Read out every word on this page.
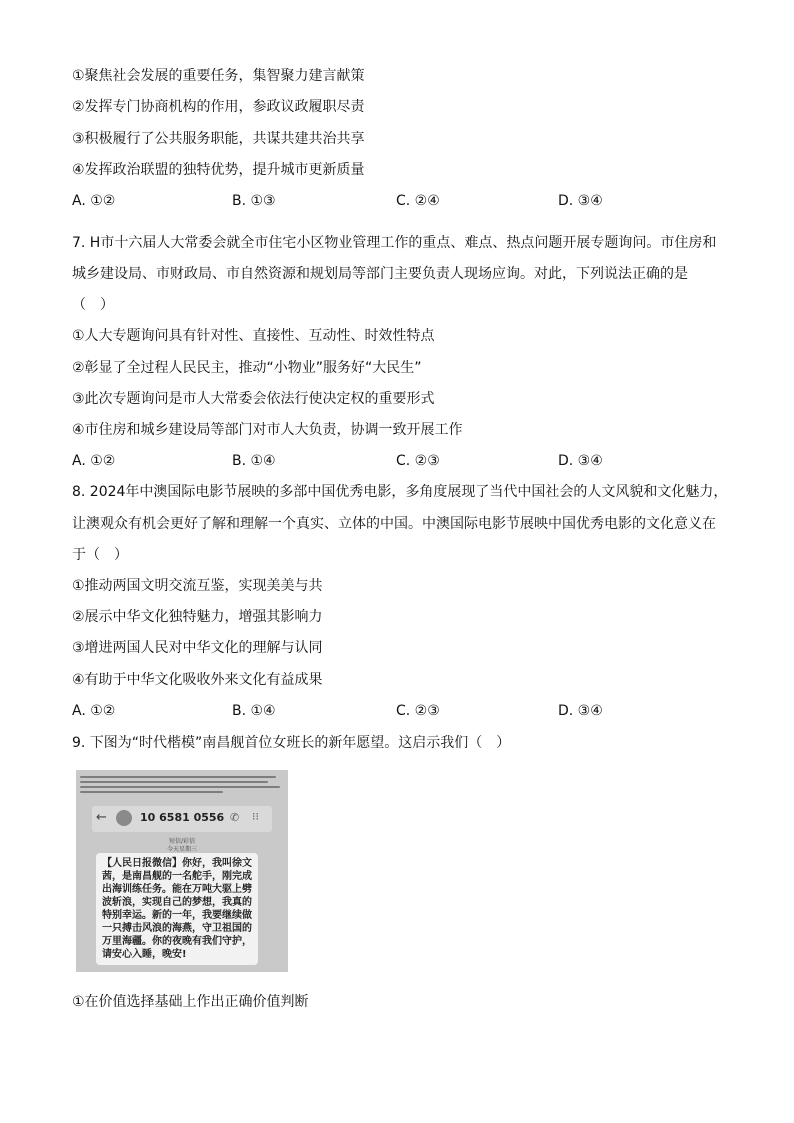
①聚焦社会发展的重要任务，集智聚力建言献策
②发挥专门协商机构的作用，参政议政履职尽责
③积极履行了公共服务职能，共谋共建共治共享
④发挥政治联盟的独特优势，提升城市更新质量
A. ①②	B. ①③	C. ②④	D. ③④
7. H市十六届人大常委会就全市住宅小区物业管理工作的重点、难点、热点问题开展专题询问。市住房和
城乡建设局、市财政局、市自然资源和规划局等部门主要负责人现场应询。对此，下列说法正确的是
（　）
①人大专题询问具有针对性、直接性、互动性、时效性特点
②彰显了全过程人民民主，推动“小物业”服务好“大民生”
③此次专题询问是市人大常委会依法行使决定权的重要形式
④市住房和城乡建设局等部门对市人大负责，协调一致开展工作
A. ①②	B. ①④	C. ②③	D. ③④
8. 2024年中澳国际电影节展映的多部中国优秀电影，多角度展现了当代中国社会的人文风貌和文化魅力，
让澳观众有机会更好了解和理解一个真实、立体的中国。中澳国际电影节展映中国优秀电影的文化意义在
于（　）
①推动两国文明交流互鉴，实现美美与共
②展示中华文化独特魅力，增强其影响力
③增进两国人民对中华文化的理解与认同
④有助于中华文化吸收外来文化有益成果
A. ①②	B. ①④	C. ②③	D. ③④
9. 下图为“时代楷模”南昌舰首位女班长的新年愿望。这启示我们（　）
←	10 6581 0556 ✆ ⁝⁝
短信/彩信
今天星期三
【人民日报微信】你好，我叫徐文茜，是南昌舰的一名舵手，刚完成出海训练任务。能在万吨大驱上劈波斩浪，实现自己的梦想，我真的特别幸运。新的一年，我要继续做一只搏击风浪的海燕，守卫祖国的万里海疆。你的夜晚有我们守护，请安心入睡，晚安!
①在价值选择基础上作出正确价值判断
